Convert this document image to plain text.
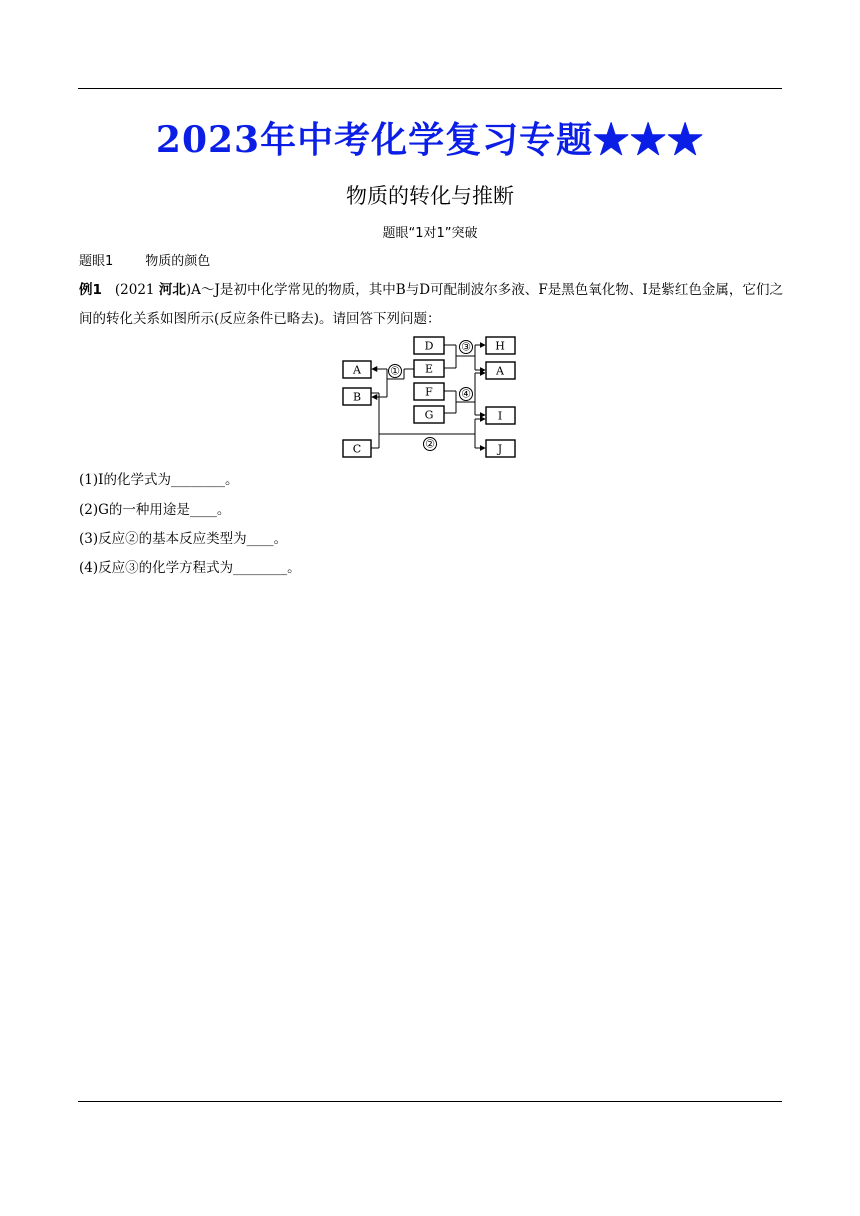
2023年中考化学复习专题★★★
物质的转化与推断
题眼“1对1”突破
题眼1 物质的颜色
例1 (2021 河北)A～J是初中化学常见的物质，其中B与D可配制波尔多液、F是黑色氧化物、I是紫红色金属，它们之间的转化关系如图所示(反应条件已略去)。请回答下列问题：
A
B
C
D
E
F
G
H
A
I
J
①
②
③
④
(1)I的化学式为________。
(2)G的一种用途是____。
(3)反应②的基本反应类型为____。
(4)反应③的化学方程式为________。
